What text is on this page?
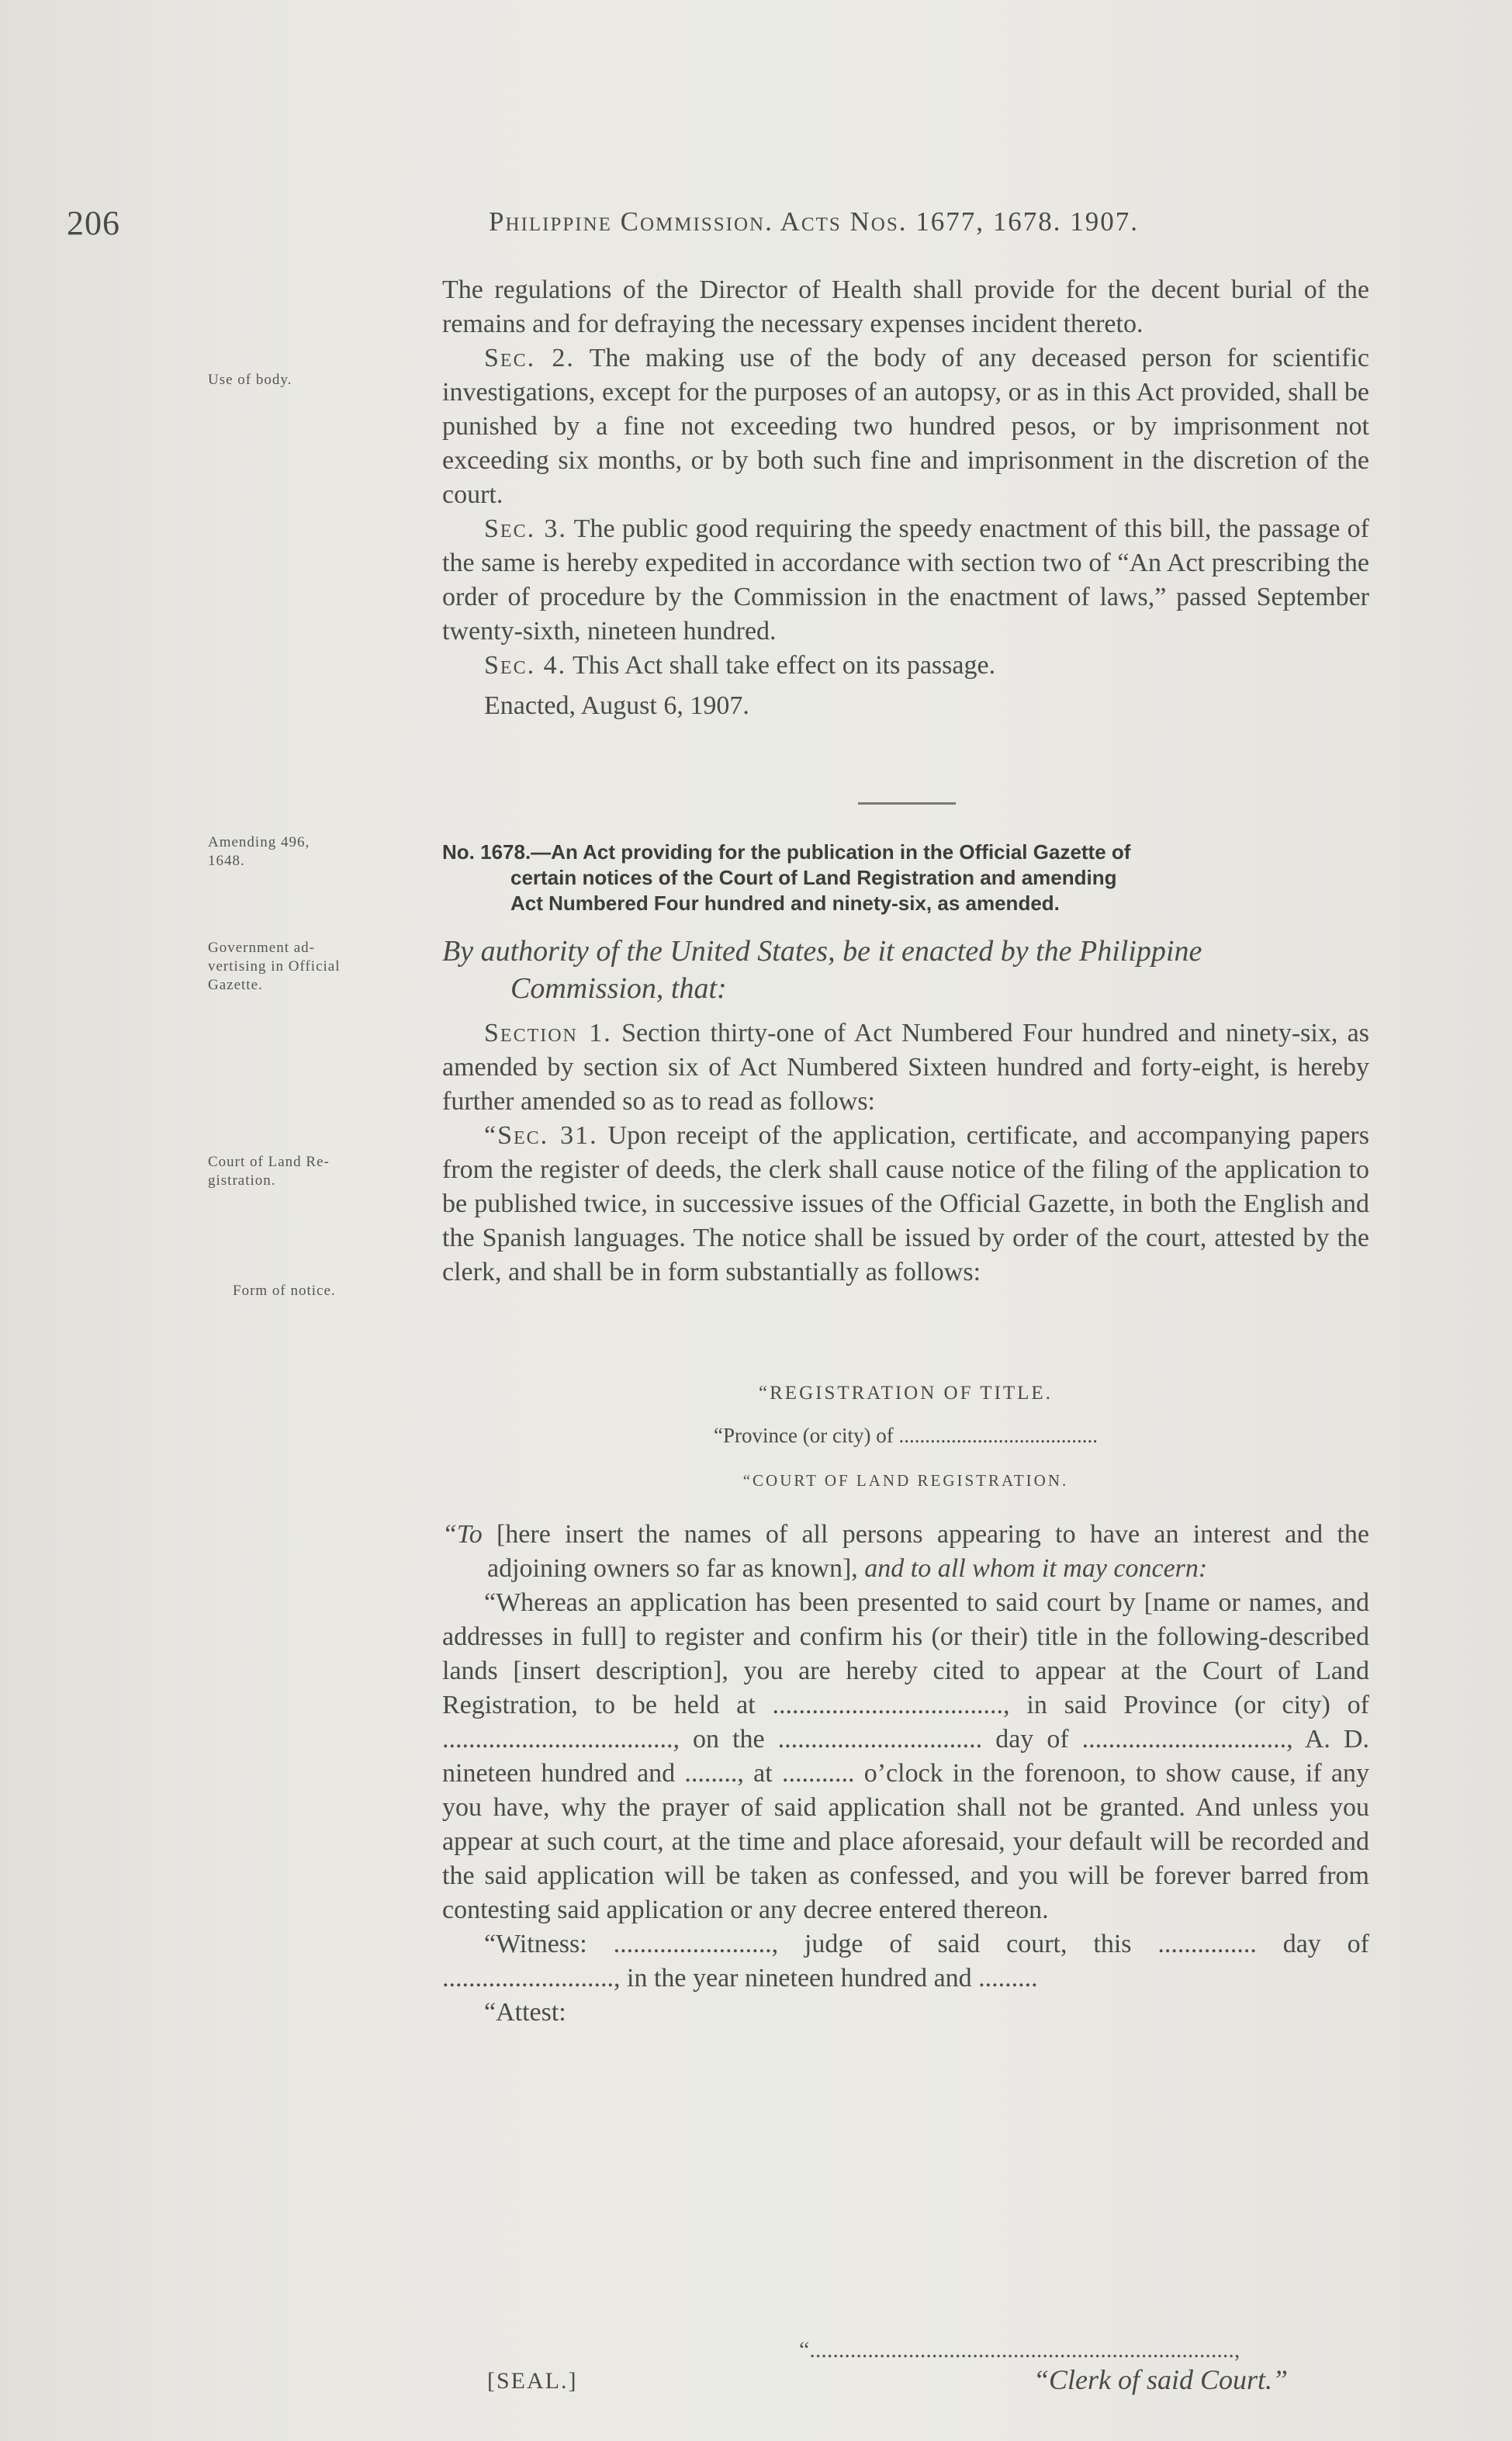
206	Philippine Commission. Acts Nos. 1677, 1678. 1907.
Use of body.
Amending 496,
1648.
Government ad-
vertising in Official
Gazette.
Court of Land Re-
gistration.
Form of notice.

The regulations of the Director of Health shall provide for the decent burial of the remains and for defraying the necessary expenses incident thereto.

Sec. 2. The making use of the body of any deceased person for scientific investigations, except for the purposes of an autopsy, or as in this Act provided, shall be punished by a fine not exceeding two hundred pesos, or by imprisonment not exceeding six months, or by both such fine and imprisonment in the discretion of the court.

Sec. 3. The public good requiring the speedy enactment of this bill, the passage of the same is hereby expedited in accordance with section two of “An Act prescribing the order of procedure by the Commission in the enactment of laws,” passed September twenty-sixth, nineteen hundred.

Sec. 4. This Act shall take effect on its passage.

Enacted, August 6, 1907.

No. 1678.—An Act providing for the publication in the Official Gazette of
certain notices of the Court of Land Registration and amending
Act Numbered Four hundred and ninety-six, as amended.
By authority of the United States, be it enacted by the Philippine
Commission, that:

Section 1. Section thirty-one of Act Numbered Four hundred and ninety-six, as amended by section six of Act Numbered Sixteen hundred and forty-eight, is hereby further amended so as to read as follows:

“Sec. 31. Upon receipt of the application, certificate, and accompanying papers from the register of deeds, the clerk shall cause notice of the filing of the application to be published twice, in successive issues of the Official Gazette, in both the English and the Spanish languages. The notice shall be issued by order of the court, attested by the clerk, and shall be in form substantially as follows:

“REGISTRATION OF TITLE.

“Province (or city) of ......................................

“COURT OF LAND REGISTRATION.

“To [here insert the names of all persons appearing to have an interest and the adjoining owners so far as known], and to all whom it may concern:

“Whereas an application has been presented to said court by [name or names, and addresses in full] to register and confirm his (or their) title in the following-described lands [insert description], you are hereby cited to appear at the Court of Land Registration, to be held at ..................................., in said Province (or city) of ..................................., on the ............................... day of ..............................., A. D. nineteen hundred and ........, at ........... o’clock in the forenoon, to show cause, if any you have, why the prayer of said application shall not be granted. And unless you appear at such court, at the time and place aforesaid, your default will be recorded and the said application will be taken as confessed, and you will be forever barred from contesting said application or any decree entered thereon.

“Witness: ........................, judge of said court, this ............... day of .........................., in the year nineteen hundred and .........

“Attest:

“.........................................................................,
[SEAL.]	“Clerk of said Court.”
